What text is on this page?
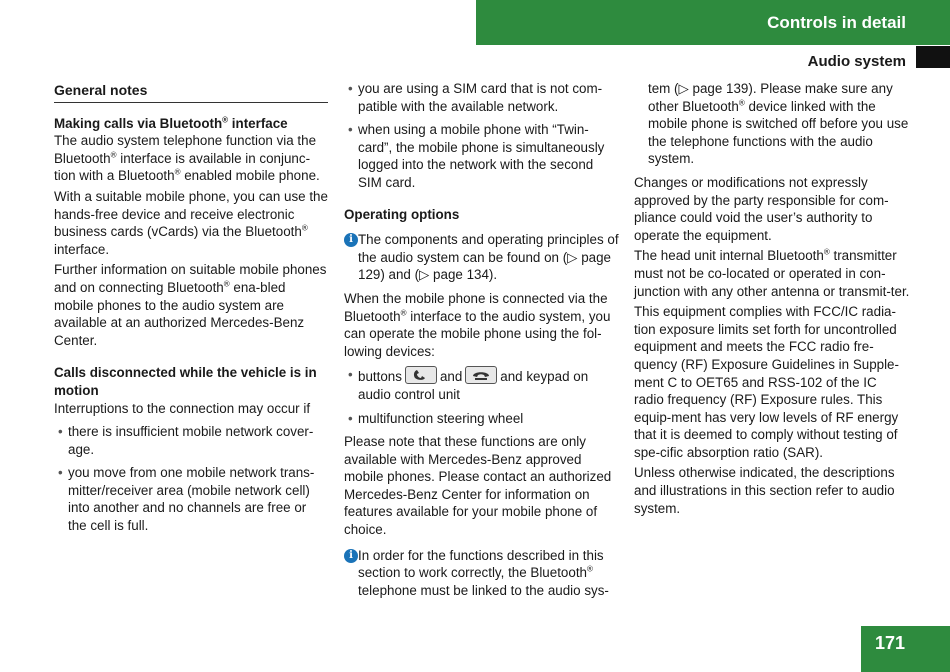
Controls in detail
Audio system
General notes

Making calls via Bluetooth® interface

The audio system telephone function via the Bluetooth® interface is available in conjunc-tion with a Bluetooth® enabled mobile phone.

With a suitable mobile phone, you can use the hands-free device and receive electronic business cards (vCards) via the Bluetooth® interface.

Further information on suitable mobile phones and on connecting Bluetooth® ena-bled mobile phones to the audio system are available at an authorized Mercedes-Benz Center.

Calls disconnected while the vehicle is in motion

Interruptions to the connection may occur if

• there is insufficient mobile network cover-age.
• you move from one mobile network trans-mitter/receiver area (mobile network cell) into another and no channels are free or the cell is full.
• you are using a SIM card that is not com-patible with the available network.
• when using a mobile phone with “Twin-card”, the mobile phone is simultaneously logged into the network with the second SIM card.

Operating options

i The components and operating principles of the audio system can be found on (▷ page 129) and (▷ page 134).

When the mobile phone is connected via the Bluetooth® interface to the audio system, you can operate the mobile phone using the fol-lowing devices:

• buttons	and	and keypad on audio control unit
• multifunction steering wheel

Please note that these functions are only available with Mercedes-Benz approved mobile phones. Please contact an authorized Mercedes-Benz Center for information on features available for your mobile phone of choice.

i In order for the functions described in this section to work correctly, the Bluetooth® telephone must be linked to the audio sys-
tem (▷ page 139). Please make sure any other Bluetooth® device linked with the mobile phone is switched off before you use the telephone functions with the audio system.

Changes or modifications not expressly approved by the party responsible for com-pliance could void the user’s authority to operate the equipment.

The head unit internal Bluetooth® transmitter must not be co-located or operated in con-junction with any other antenna or transmit-ter.

This equipment complies with FCC/IC radia-tion exposure limits set forth for uncontrolled equipment and meets the FCC radio fre-quency (RF) Exposure Guidelines in Supple-ment C to OET65 and RSS-102 of the IC radio frequency (RF) Exposure rules. This equip-ment has very low levels of RF energy that it is deemed to comply without testing of spe-cific absorption ratio (SAR).

Unless otherwise indicated, the descriptions and illustrations in this section refer to audio system.

171
